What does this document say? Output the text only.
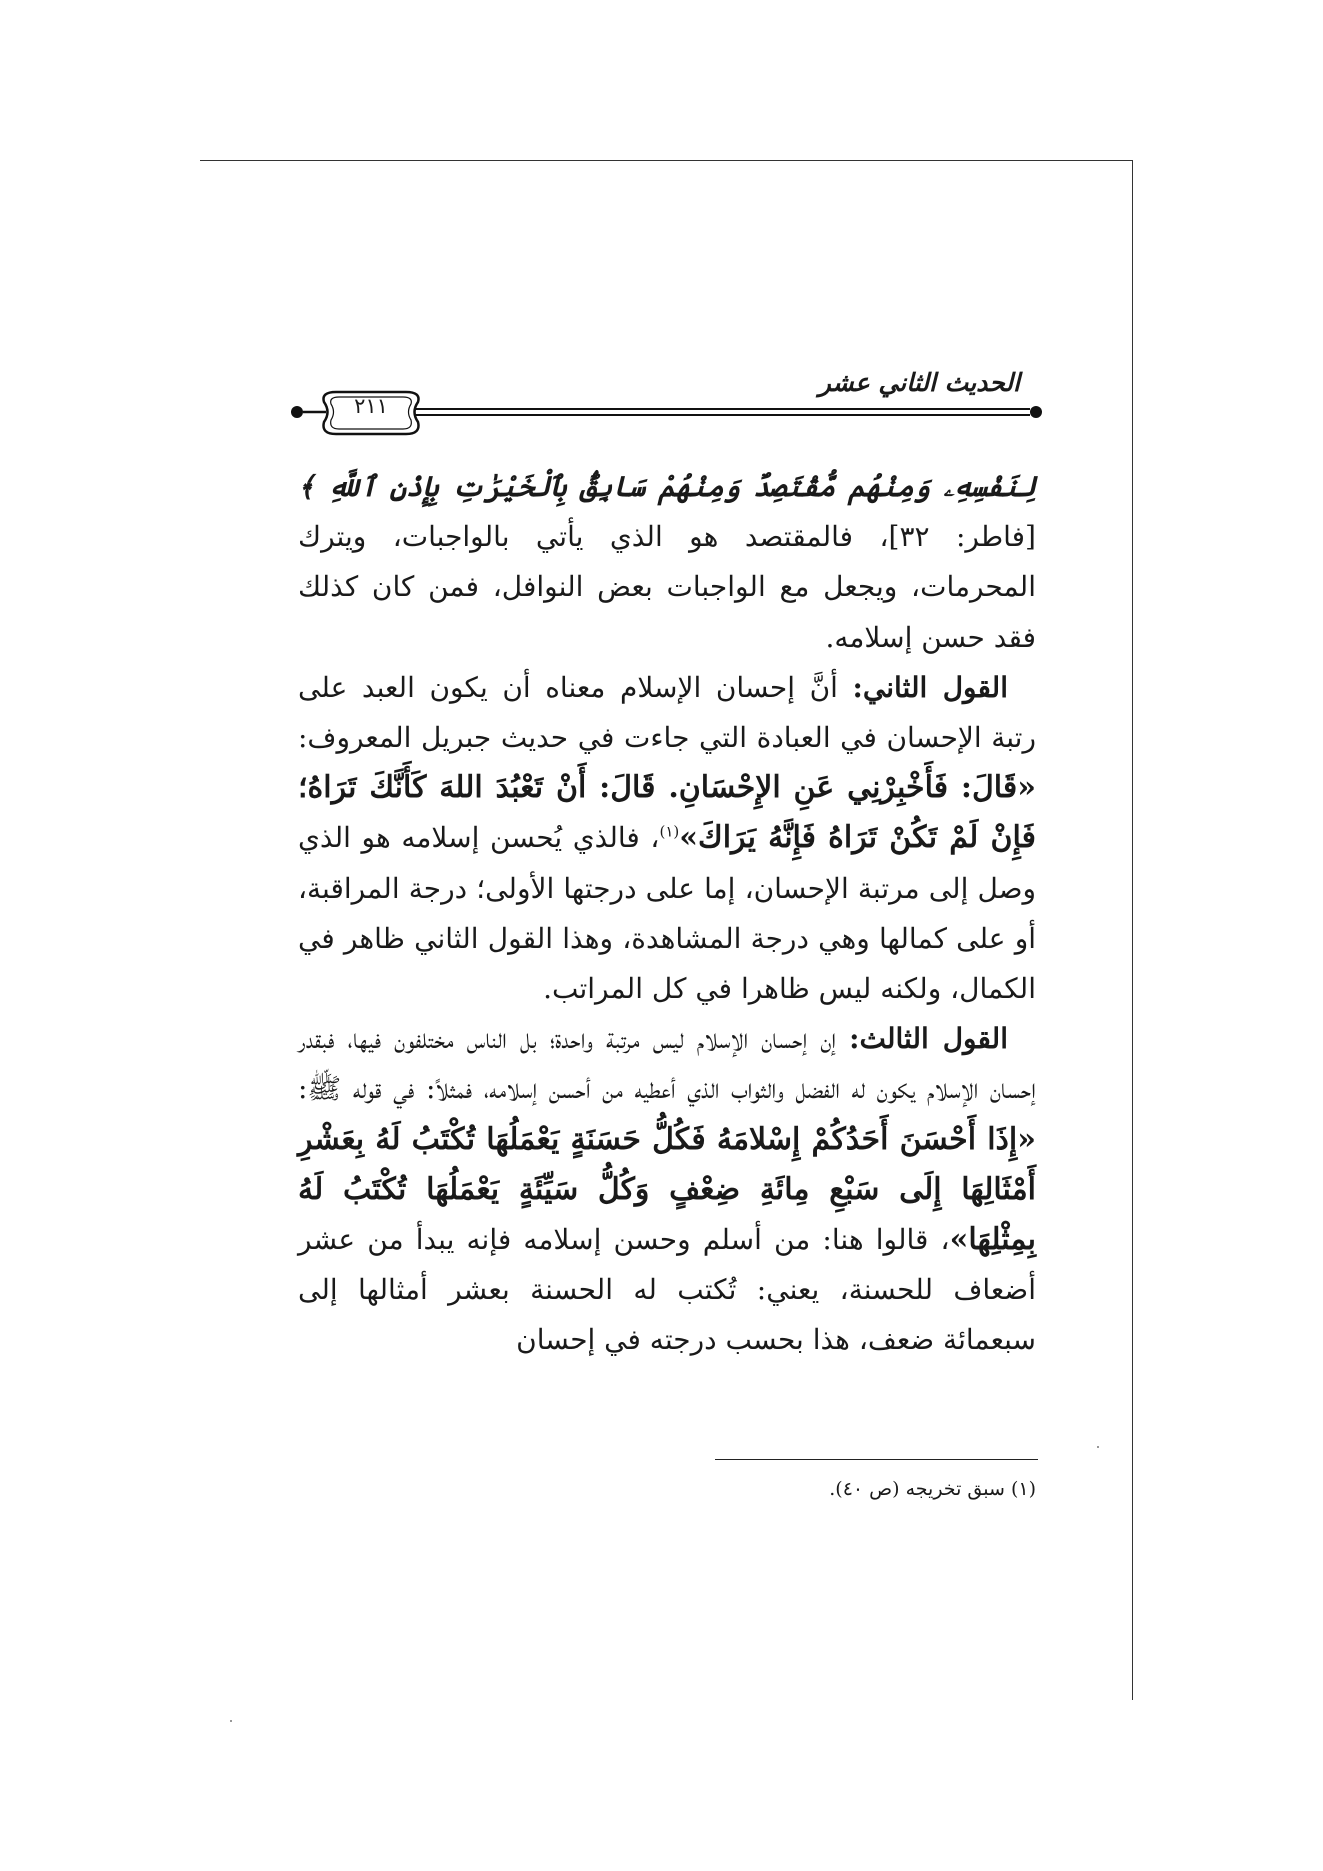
الحديث الثاني عشر
٢١١

لِنَفْسِهِۦ وَمِنْهُم مُّقْتَصِدٌ وَمِنْهُمْ سَابِقٌۢ بِٱلْخَيْرَٰتِ بِإِذْنِ ٱللَّهِ ﴾[فاطر: ٣٢]، فالمقتصد هو الذي يأتي بالواجبات، ويترك المحرمات، ويجعل مع الواجبات بعض النوافل، فمن كان كذلك فقد حسن إسلامه.

 القول الثاني: أنَّ إحسان الإسلام معناه أن يكون العبد على رتبة الإحسان في العبادة التي جاءت في حديث جبريل المعروف: «قَالَ: فَأَخْبِرْنِي عَنِ الإِحْسَانِ. قَالَ: أَنْ تَعْبُدَ اللهَ كَأَنَّكَ تَرَاهُ؛ فَإِنْ لَمْ تَكُنْ تَرَاهُ فَإِنَّهُ يَرَاكَ»$^{(١)}$، فالذي يُحسن إسلامه هو الذي وصل إلى مرتبة الإحسان، إما على درجتها الأولى؛ درجة المراقبة، أو على كمالها وهي درجة المشاهدة، وهذا القول الثاني ظاهر في الكمال، ولكنه ليس ظاهرا في كل المراتب.

 القول الثالث: إن إحسان الإسلام ليس مرتبة واحدة؛ بل الناس مختلفون فيها، فبقدر إحسان الإسلام يكون له الفضل والثواب الذي أعطيه من أحسن إسلامه، فمثلاً: في قوله ﷺ: «إِذَا أَحْسَنَ أَحَدُكُمْ إِسْلامَهُ فَكُلُّ حَسَنَةٍ يَعْمَلُهَا تُكْتَبُ لَهُ بِعَشْرِ أَمْثَالِهَا إِلَى سَبْعِ مِائَةِ ضِعْفٍ وَكُلُّ سَيِّئَةٍ يَعْمَلُهَا تُكْتَبُ لَهُ بِمِثْلِهَا»، قالوا هنا: من أسلم وحسن إسلامه فإنه يبدأ من عشر أضعاف للحسنة، يعني: تُكتب له الحسنة بعشر أمثالها إلى سبعمائة ضعف، هذا بحسب درجته في إحسان

(١) سبق تخريجه (ص ٤٠).
